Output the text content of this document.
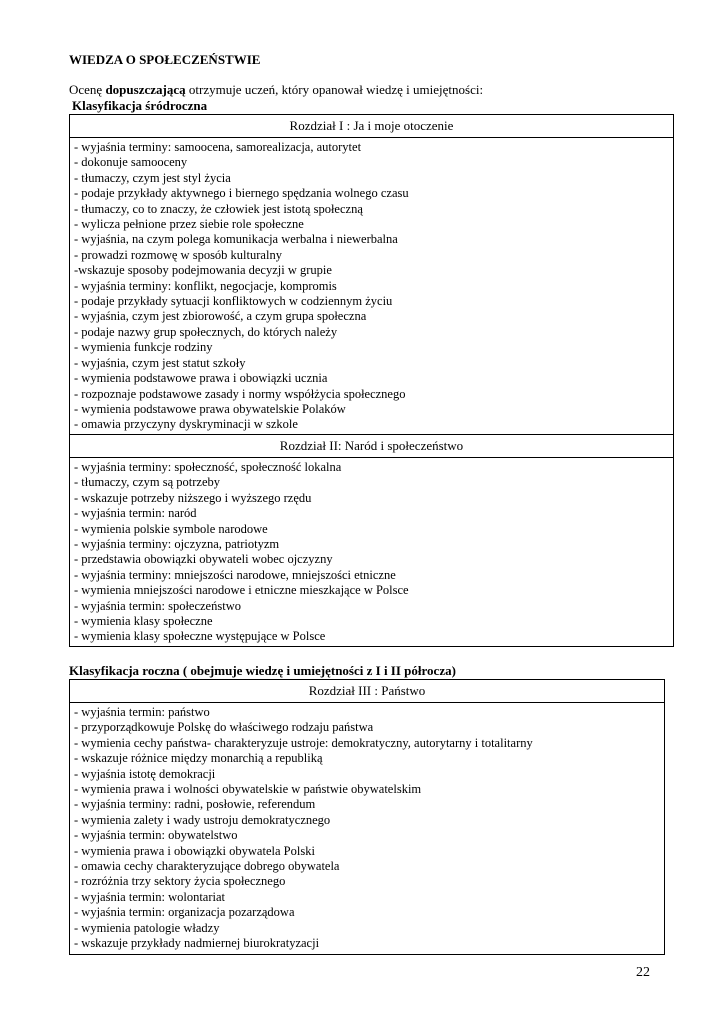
WIEDZA O SPOŁECZEŃSTWIE
Ocenę dopuszczającą otrzymuje uczeń, który opanował wiedzę i umiejętności:
Klasyfikacja śródroczna
Rozdział I : Ja i moje otoczenie
- wyjaśnia terminy: samoocena, samorealizacja, autorytet
- dokonuje samooceny
- tłumaczy, czym jest styl życia
- podaje przykłady aktywnego i biernego spędzania wolnego czasu
- tłumaczy, co to znaczy, że człowiek jest istotą społeczną
- wylicza pełnione przez siebie role społeczne
- wyjaśnia, na czym polega komunikacja werbalna i niewerbalna
- prowadzi rozmowę w sposób kulturalny
-wskazuje sposoby podejmowania decyzji w grupie
- wyjaśnia terminy: konflikt, negocjacje, kompromis
- podaje przykłady sytuacji konfliktowych w codziennym życiu
- wyjaśnia, czym jest zbiorowość, a czym grupa społeczna
- podaje nazwy grup społecznych, do których należy
- wymienia funkcje rodziny
- wyjaśnia, czym jest statut szkoły
- wymienia podstawowe prawa i obowiązki ucznia
- rozpoznaje podstawowe zasady i normy współżycia społecznego
- wymienia podstawowe prawa obywatelskie Polaków
- omawia przyczyny dyskryminacji w szkole
Rozdział II: Naród i społeczeństwo
- wyjaśnia terminy: społeczność, społeczność lokalna
- tłumaczy, czym są potrzeby
- wskazuje potrzeby niższego i wyższego rzędu
- wyjaśnia termin: naród
- wymienia polskie symbole narodowe
- wyjaśnia terminy: ojczyzna, patriotyzm
- przedstawia obowiązki obywateli wobec ojczyzny
- wyjaśnia terminy: mniejszości narodowe, mniejszości etniczne
- wymienia mniejszości narodowe i etniczne mieszkające w Polsce
- wyjaśnia termin: społeczeństwo
- wymienia klasy społeczne
- wymienia klasy społeczne występujące w Polsce
Klasyfikacja roczna ( obejmuje wiedzę i umiejętności z I i II półrocza)
Rozdział III : Państwo
- wyjaśnia termin: państwo
- przyporządkowuje Polskę do właściwego rodzaju państwa
- wymienia cechy państwa- charakteryzuje ustroje: demokratyczny, autorytarny i totalitarny
- wskazuje różnice między monarchią a republiką
- wyjaśnia istotę demokracji
- wymienia prawa i wolności obywatelskie w państwie obywatelskim
- wyjaśnia terminy: radni, posłowie, referendum
- wymienia zalety i wady ustroju demokratycznego
- wyjaśnia termin: obywatelstwo
- wymienia prawa i obowiązki obywatela Polski
- omawia cechy charakteryzujące dobrego obywatela
- rozróżnia trzy sektory życia społecznego
- wyjaśnia termin: wolontariat
- wyjaśnia termin: organizacja pozarządowa
- wymienia patologie władzy
- wskazuje przykłady nadmiernej biurokratyzacji
22
